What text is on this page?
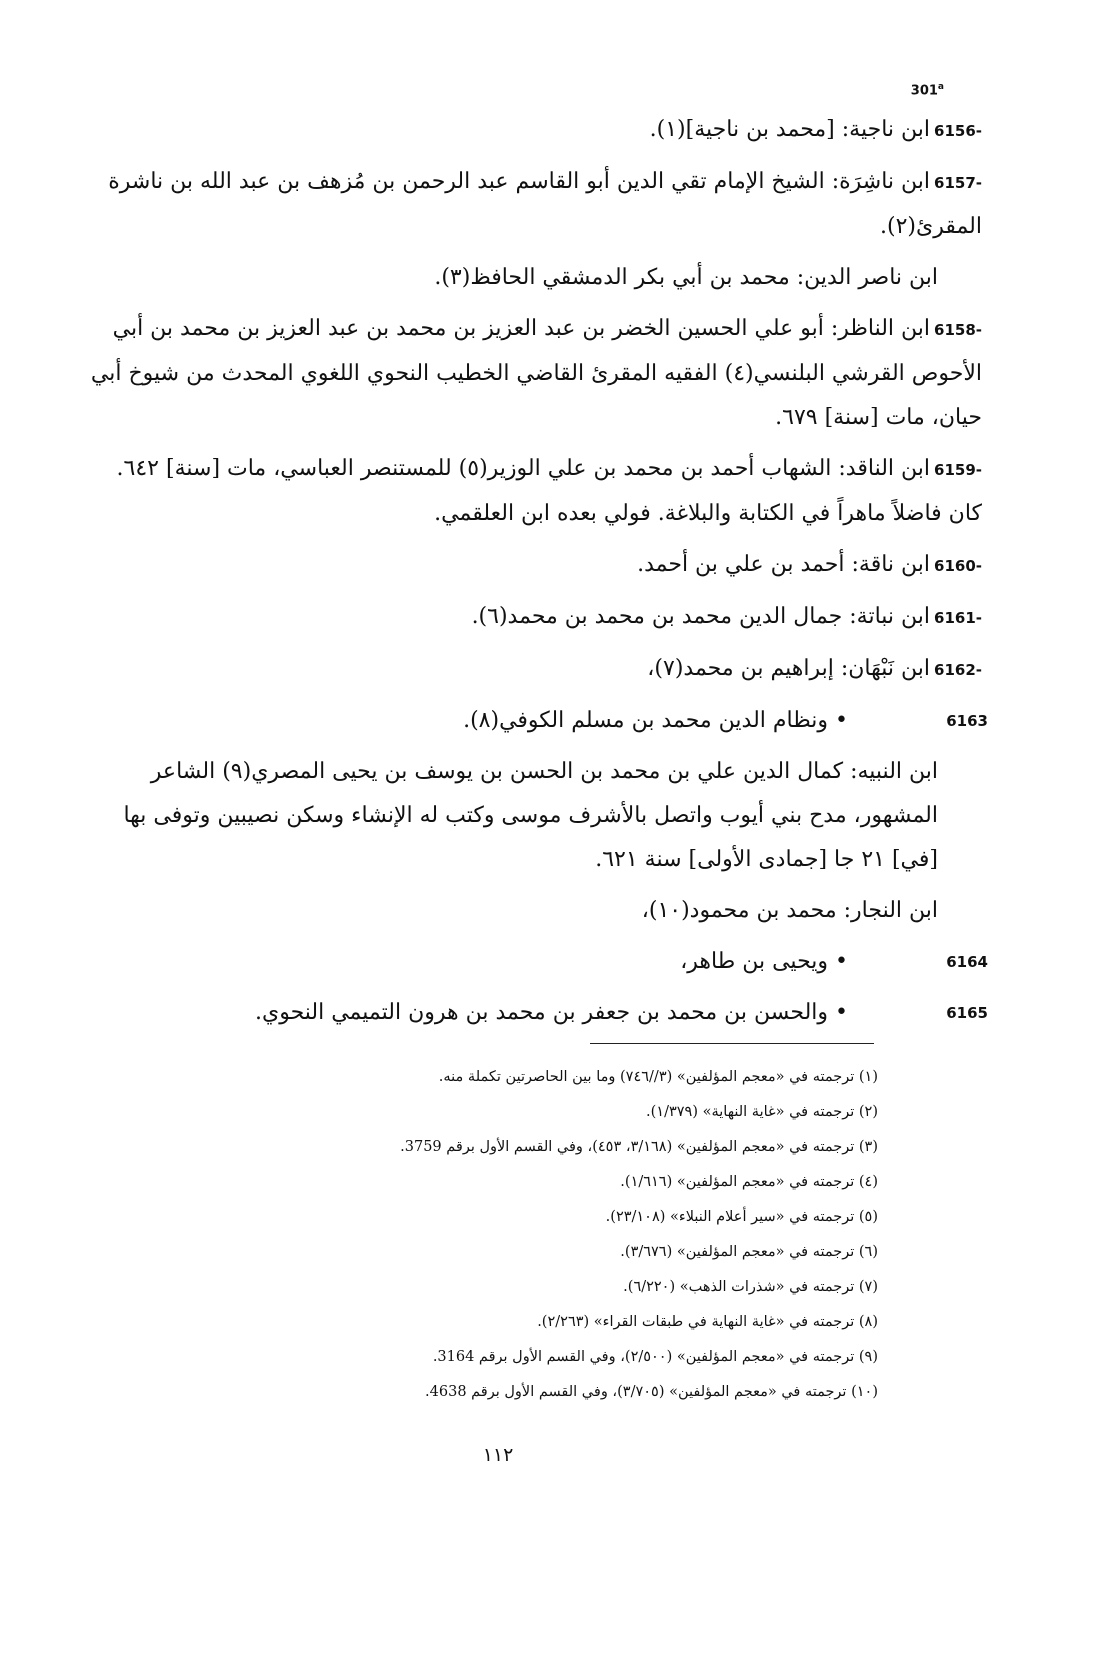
301$^a$
6156-ابن ناجية: [محمد بن ناجية](١).
6157-ابن ناشِرَة: الشيخ الإمام تقي الدين أبو القاسم عبد الرحمن بن مُزهف بن عبد الله بن ناشرة المقرئ(٢).
ابن ناصر الدين: محمد بن أبي بكر الدمشقي الحافظ(٣).
6158-ابن الناظر: أبو علي الحسين الخضر بن عبد العزيز بن محمد بن عبد العزيز بن محمد بن أبي الأحوص القرشي البلنسي(٤) الفقيه المقرئ القاضي الخطيب النحوي اللغوي المحدث من شيوخ أبي حيان، مات [سنة] ٦٧٩.
6159-ابن الناقد: الشهاب أحمد بن محمد بن علي الوزير(٥) للمستنصر العباسي، مات [سنة] ٦٤٢. كان فاضلاً ماهراً في الكتابة والبلاغة. فولي بعده ابن العلقمي.
6160-ابن ناقة: أحمد بن علي بن أحمد.
6161-ابن نباتة: جمال الدين محمد بن محمد بن محمد(٦).
6162-ابن نَبْهَان: إبراهيم بن محمد(٧)،
6163
• ونظام الدين محمد بن مسلم الكوفي(٨).
ابن النبيه: كمال الدين علي بن محمد بن الحسن بن يوسف بن يحيى المصري(٩) الشاعر المشهور، مدح بني أيوب واتصل بالأشرف موسى وكتب له الإنشاء وسكن نصيبين وتوفى بها [في] ٢١ جا [جمادى الأولى] سنة ٦٢١.
ابن النجار: محمد بن محمود(١٠)،
6164
• ويحيى بن طاهر،
6165
• والحسن بن محمد بن جعفر بن محمد بن هرون التميمي النحوي.
(١) ترجمته في «معجم المؤلفين» (٣//٧٤٦) وما بين الحاصرتين تكملة منه.
(٢) ترجمته في «غاية النهاية» (١/٣٧٩).
(٣) ترجمته في «معجم المؤلفين» (٣/١٦٨، ٤٥٣)، وفي القسم الأول برقم 3759.
(٤) ترجمته في «معجم المؤلفين» (١/٦١٦).
(٥) ترجمته في «سير أعلام النبلاء» (٢٣/١٠٨).
(٦) ترجمته في «معجم المؤلفين» (٣/٦٧٦).
(٧) ترجمته في «شذرات الذهب» (٦/٢٢٠).
(٨) ترجمته في «غاية النهاية في طبقات القراء» (٢/٢٦٣).
(٩) ترجمته في «معجم المؤلفين» (٢/٥٠٠)، وفي القسم الأول برقم 3164.
(١٠) ترجمته في «معجم المؤلفين» (٣/٧٠٥)، وفي القسم الأول برقم 4638.
١١٢
